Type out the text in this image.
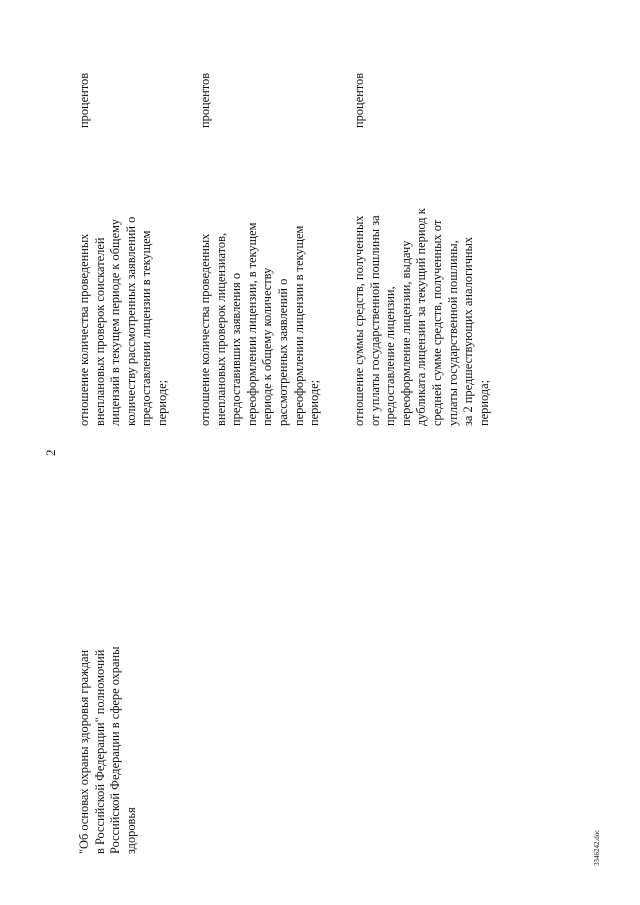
2
"Об основах охраны здоровья граждан в Российской Федерации" полномочий Российской Федерации в сфере охраны здоровья
отношение количества проведенных внеплановых проверок соискателей лицензий в текущем периоде к общему количеству рассмотренных заявлений о предоставлении лицензии в текущем периоде;
процентов
отношение количества проведенных внеплановых проверок лицензиатов, предоставивших заявления о переоформлении лицензии, в текущем периоде к общему количеству рассмотренных заявлений о переоформлении лицензии в текущем периоде;
процентов
отношение суммы средств, полученных от уплаты государственной пошлины за предоставление лицензии, переоформление лицензии, выдачу дубликата лицензии за текущий период к средней сумме средств, полученных от уплаты государственной пошлины, за 2 предшествующих аналогичных периода;
процентов
3346242.doc
